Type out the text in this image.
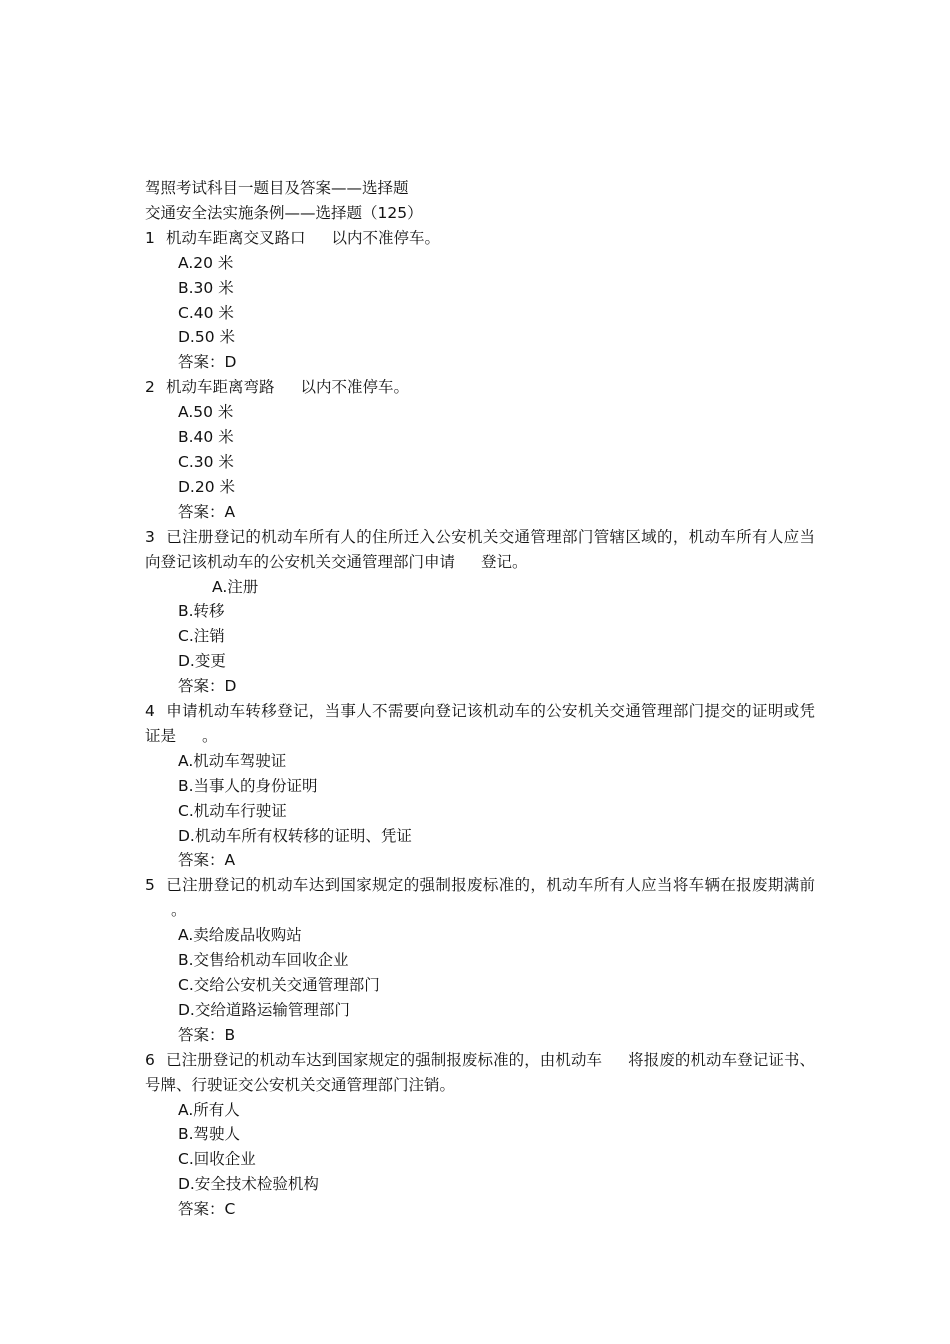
驾照考试科目一题目及答案——选择题
交通安全法实施条例——选择题（125）
1 机动车距离交叉路口 以内不准停车。
A.20 米
B.30 米
C.40 米
D.50 米
答案：D
2 机动车距离弯路 以内不准停车。
A.50 米
B.40 米
C.30 米
D.20 米
答案：A
3 已注册登记的机动车所有人的住所迁入公安机关交通管理部门管辖区域的，机动车所有人应当向登记该机动车的公安机关交通管理部门申请 登记。
A.注册
B.转移
C.注销
D.变更
答案：D
4 申请机动车转移登记，当事人不需要向登记该机动车的公安机关交通管理部门提交的证明或凭证是 。
A.机动车驾驶证
B.当事人的身份证明
C.机动车行驶证
D.机动车所有权转移的证明、凭证
答案：A
5 已注册登记的机动车达到国家规定的强制报废标准的，机动车所有人应当将车辆在报废期满前。
A.卖给废品收购站
B.交售给机动车回收企业
C.交给公安机关交通管理部门
D.交给道路运输管理部门
答案：B
6 已注册登记的机动车达到国家规定的强制报废标准的，由机动车 将报废的机动车登记证书、号牌、行驶证交公安机关交通管理部门注销。
A.所有人
B.驾驶人
C.回收企业
D.安全技术检验机构
答案：C
